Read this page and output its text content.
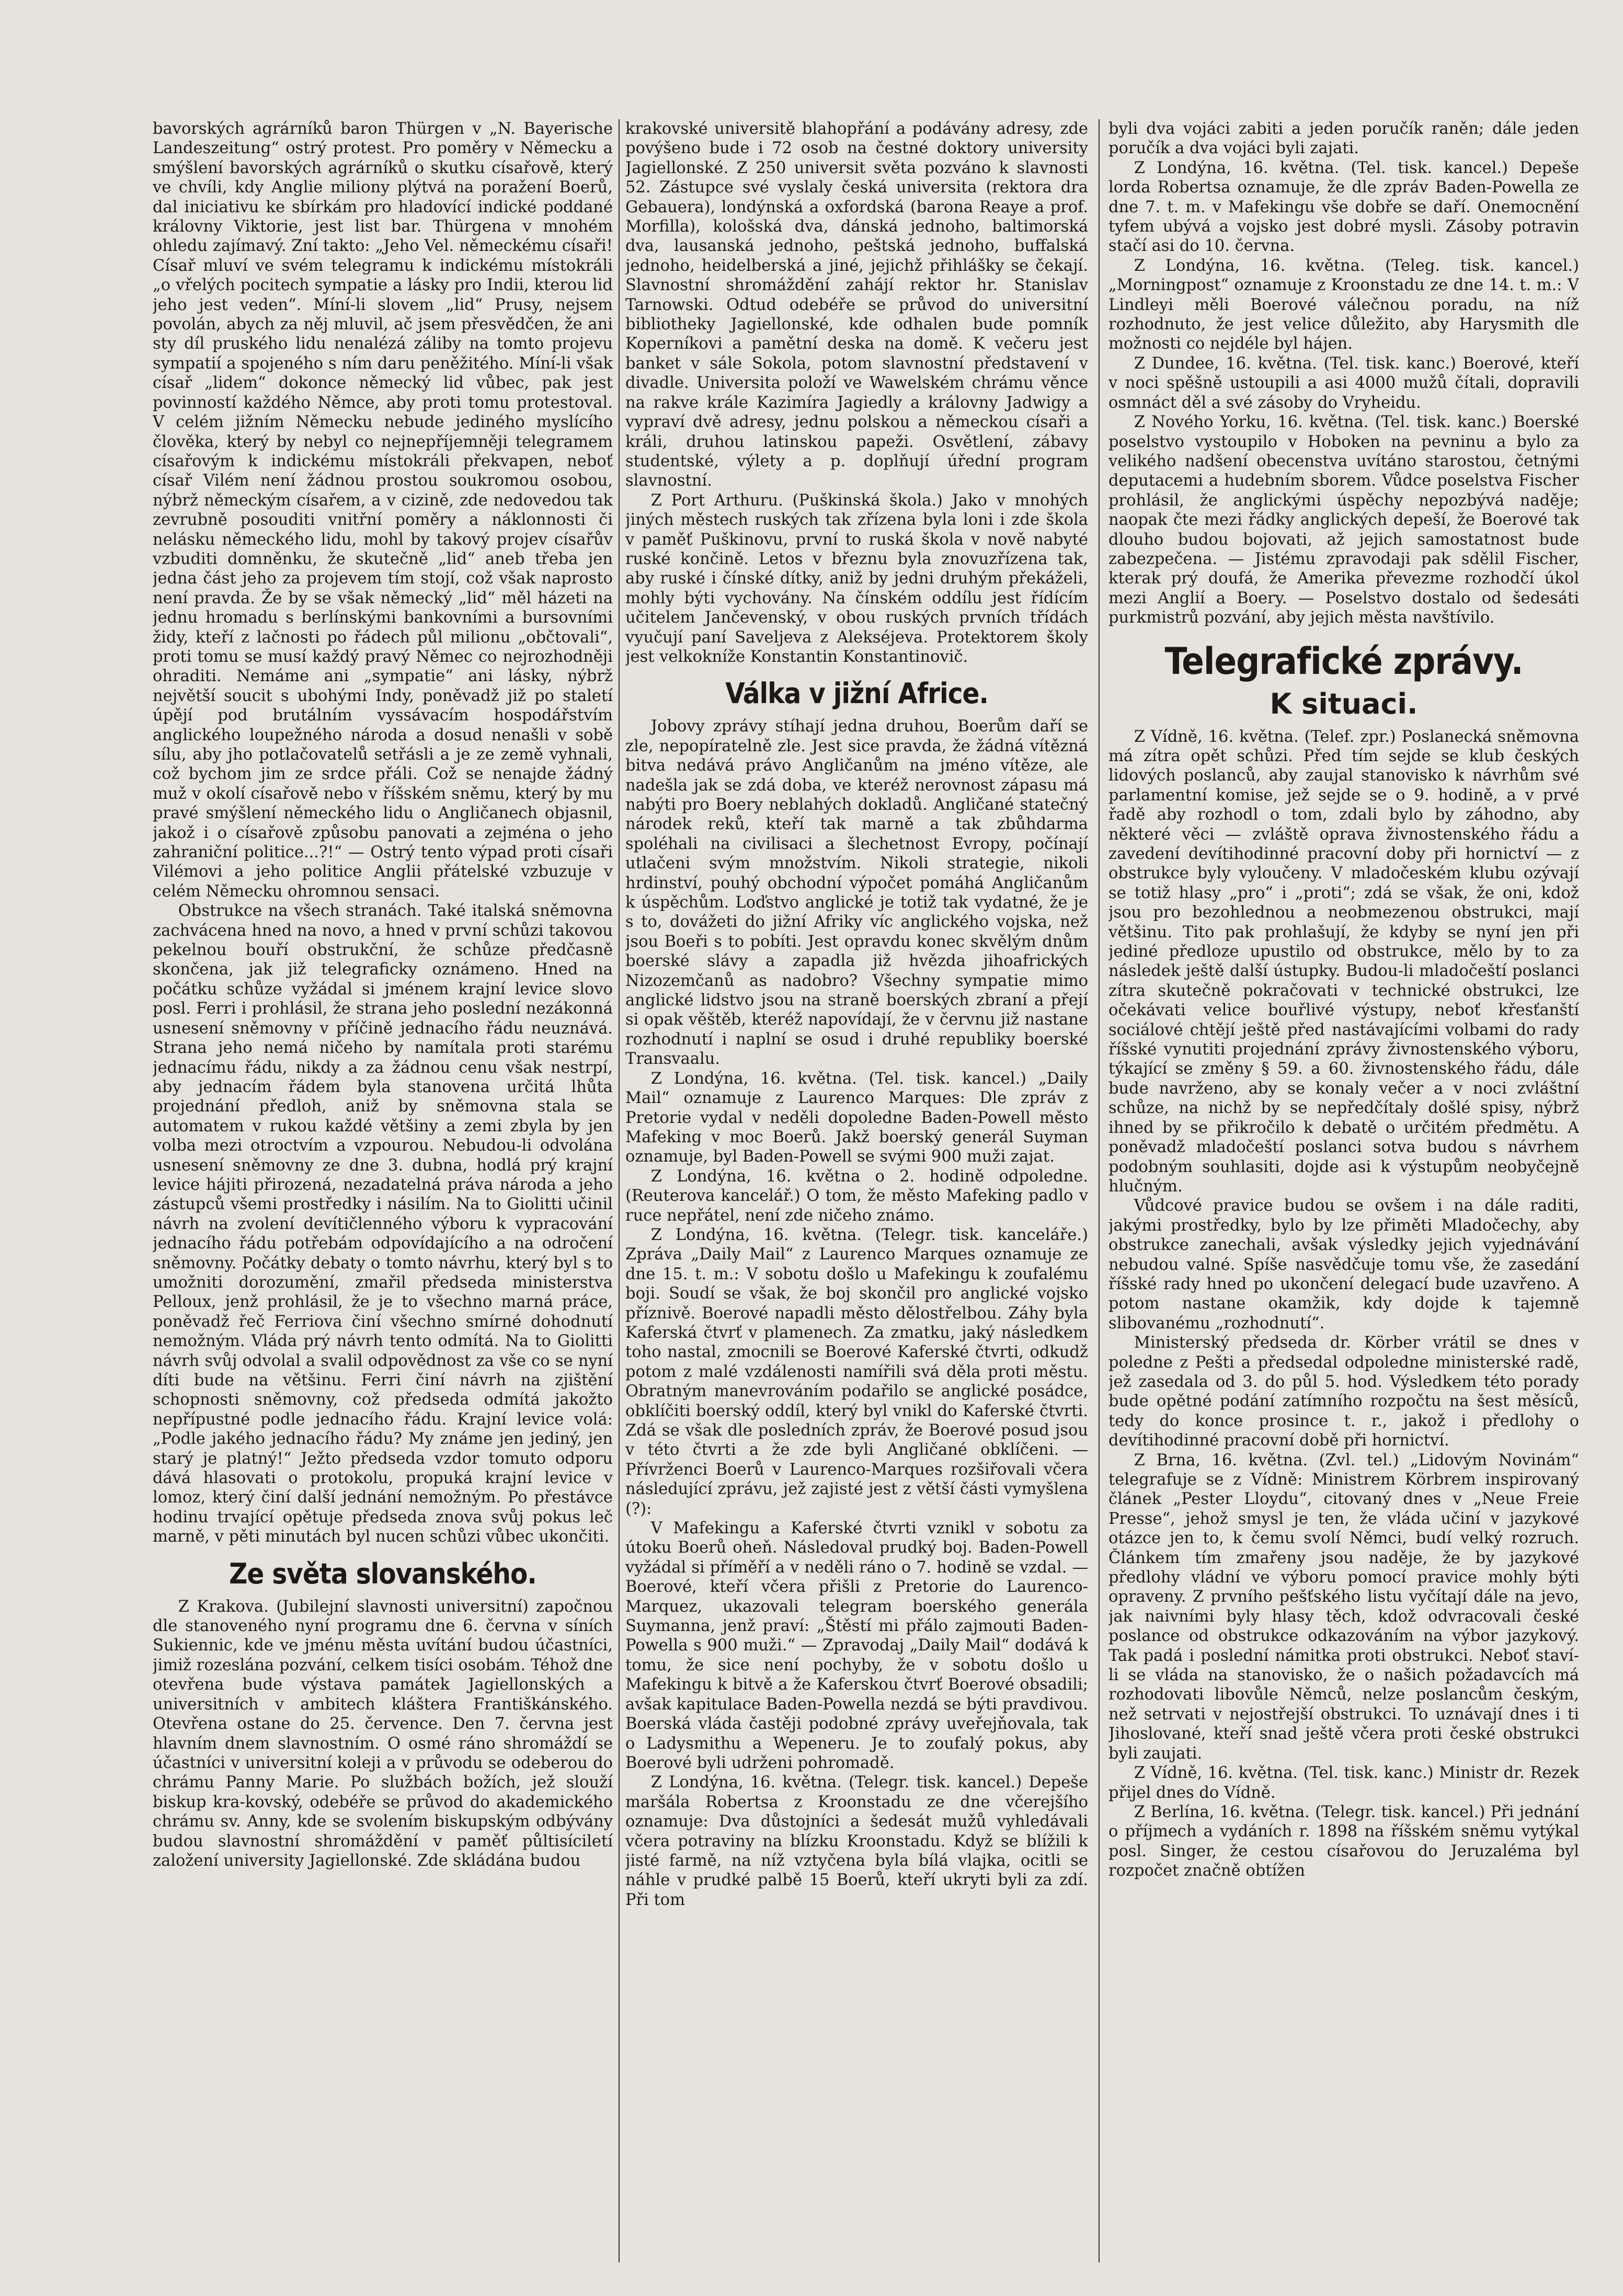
bavorských agrárníků baron Thürgen v „N. Bayerische Landeszeitung“ ostrý protest. Pro poměry v Německu a smýšlení bavorských agrárníků o skutku císařově, který ve chvíli, kdy Anglie miliony plýtvá na poražení Boerů, dal iniciativu ke sbírkám pro hladovící indické poddané královny Viktorie, jest list bar. Thürgena v mnohém ohledu zajímavý. Zní takto: „Jeho Vel. německému císaři! Císař mluví ve svém telegramu k indickému místokráli „o vřelých pocitech sympatie a lásky pro Indii, kterou lid jeho jest veden“. Míní-li slovem „lid“ Prusy, nejsem povolán, abych za něj mluvil, ač jsem přesvědčen, že ani sty díl pruského lidu nenalézá záliby na tomto projevu sympatií a spojeného s ním daru peněžitého. Míní-li však císař „lidem“ dokonce německý lid vůbec, pak jest povinností každého Němce, aby proti tomu protestoval. V celém jižním Německu nebude jediného myslícího člověka, který by nebyl co nejnepříjemněji telegramem císařovým k indickému místokráli překvapen, neboť císař Vilém není žádnou prostou soukromou osobou, nýbrž německým císařem, a v cizině, zde nedovedou tak zevrubně posouditi vnitřní poměry a náklonnosti či nelásku německého lidu, mohl by takový projev císařův vzbuditi domněnku, že skutečně „lid“ aneb třeba jen jedna část jeho za projevem tím stojí, což však naprosto není pravda. Že by se však německý „lid“ měl házeti na jednu hromadu s berlínskými bankovními a bursovními židy, kteří z lačnosti po řádech půl milionu „občtovali“, proti tomu se musí každý pravý Němec co nejrozhodněji ohraditi. Nemáme ani „sympatie“ ani lásky, nýbrž největší soucit s ubohými Indy, poněvadž již po staletí úpějí pod brutálním vyssávacím hospodářstvím anglického loupežného národa a dosud nenašli v sobě sílu, aby jho potlačovatelů setřásli a je ze země vyhnali, což bychom jim ze srdce přáli. Což se nenajde žádný muž v okolí císařově nebo v říšském sněmu, který by mu pravé smýšlení německého lidu o Angličanech objasnil, jakož i o císařově způsobu panovati a zejména o jeho zahraniční politice...?!“ — Ostrý tento výpad proti císaři Vilémovi a jeho politice Anglii přátelské vzbuzuje v celém Německu ohromnou sensaci.

Obstrukce na všech stranách. Také italská sněmovna zachvácena hned na novo, a hned v první schůzi takovou pekelnou bouří obstrukční, že schůze předčasně skončena, jak již telegraficky oznámeno. Hned na počátku schůze vyžádal si jménem krajní levice slovo posl. Ferri i prohlásil, že strana jeho poslední nezákonná usnesení sněmovny v příčině jednacího řádu neuznává. Strana jeho nemá ničeho by namítala proti starému jednacímu řádu, nikdy a za žádnou cenu však nestrpí, aby jednacím řádem byla stanovena určitá lhůta projednání předloh, aniž by sněmovna stala se automatem v rukou každé většiny a zemi zbyla by jen volba mezi otroctvím a vzpourou. Nebudou-li odvolána usnesení sněmovny ze dne 3. dubna, hodlá prý krajní levice hájiti přirozená, nezadatelná práva národa a jeho zástupců všemi prostředky i násilím. Na to Giolitti učinil návrh na zvolení devítičlenného výboru k vypracování jednacího řádu potřebám odpovídajícího a na odročení sněmovny. Počátky debaty o tomto návrhu, který byl s to umožniti dorozumění, zmařil předseda ministerstva Pelloux, jenž prohlásil, že je to všechno marná práce, poněvadž řeč Ferriova činí všechno smírné dohodnutí nemožným. Vláda prý návrh tento odmítá. Na to Giolitti návrh svůj odvolal a svalil odpovědnost za vše co se nyní díti bude na většinu. Ferri činí návrh na zjištění schopnosti sněmovny, což předseda odmítá jakožto nepřípustné podle jednacího řádu. Krajní levice volá: „Podle jakého jednacího řádu? My známe jen jediný, jen starý je platný!“ Ježto předseda vzdor tomuto odporu dává hlasovati o protokolu, propuká krajní levice v lomoz, který činí další jednání nemožným. Po přestávce hodinu trvající opětuje předseda znova svůj pokus leč marně, v pěti minutách byl nucen schůzi vůbec ukončiti.

Ze světa slovanského.

Z Krakova. (Jubilejní slavnosti universitní) započnou dle stanoveného nyní programu dne 6. června v síních Sukiennic, kde ve jménu města uvítání budou účastníci, jimiž rozeslána pozvání, celkem tisíci osobám. Téhož dne otevřena bude výstava památek Jagiellonských a universitních v ambitech kláštera Františkánského. Otevřena ostane do 25. července. Den 7. června jest hlavním dnem slavnostním. O osmé ráno shromáždí se účastníci v universitní koleji a v průvodu se odeberou do chrámu Panny Marie. Po službách božích, jež slouží biskup kra-kovský, odebéře se průvod do akademického chrámu sv. Anny, kde se svolením biskupským odbývány budou slavnostní shromáždění v paměť půltisíciletí založení university Jagiellonské. Zde skládána budou

krakovské universitě blahopřání a podávány adresy, zde povýšeno bude i 72 osob na čestné doktory university Jagiellonské. Z 250 universit světa pozváno k slavnosti 52. Zástupce své vyslaly česká universita (rektora dra Gebauera), londýnská a oxfordská (barona Reaye a prof. Morfilla), kološská dva, dánská jednoho, baltimorská dva, lausanská jednoho, peštská jednoho, buffalská jednoho, heidelberská a jiné, jejichž přihlášky se čekají. Slavnostní shromáždění zahájí rektor hr. Stanislav Tarnowski. Odtud odebéře se průvod do universitní bibliotheky Jagiellonské, kde odhalen bude pomník Koperníkovi a pamětní deska na domě. K večeru jest banket v sále Sokola, potom slavnostní představení v divadle. Universita položí ve Wawelském chrámu věnce na rakve krále Kazimíra Jagiedly a královny Jadwigy a vypraví dvě adresy, jednu polskou a německou císaři a králi, druhou latinskou papeži. Osvětlení, zábavy studentské, výlety a p. doplňují úřední program slavnostní.

Z Port Arthuru. (Puškinská škola.) Jako v mnohých jiných městech ruských tak zřízena byla loni i zde škola v paměť Puškinovu, první to ruská škola v nově nabyté ruské končině. Letos v březnu byla znovuzřízena tak, aby ruské i čínské dítky, aniž by jedni druhým překáželi, mohly býti vychovány. Na čínském oddílu jest řídícím učitelem Jančevenský, v obou ruských prvních třídách vyučují paní Saveljeva z Alekséjeva. Protektorem školy jest velkokníže Konstantin Konstantinovič.

Válka v jižní Africe.

Jobovy zprávy stíhají jedna druhou, Boerům daří se zle, nepopíratelně zle. Jest sice pravda, že žádná vítězná bitva nedává právo Angličanům na jméno vítěze, ale nadešla jak se zdá doba, ve kteréž nerovnost zápasu má nabýti pro Boery neblahých dokladů. Angličané statečný národek reků, kteří tak marně a tak zbůhdarma spoléhali na civilisaci a šlechetnost Evropy, počínají utlačeni svým množstvím. Nikoli strategie, nikoli hrdinství, pouhý obchodní výpočet pomáhá Angličanům k úspěchům. Loďstvo anglické je totiž tak vydatné, že je s to, dovážeti do jižní Afriky víc anglického vojska, než jsou Boeři s to pobíti. Jest opravdu konec skvělým dnům boerské slávy a zapadla již hvězda jihoafrických Nizozemčanů as nadobro? Všechny sympatie mimo anglické lidstvo jsou na straně boerských zbraní a přejí si opak věštěb, kteréž napovídají, že v červnu již nastane rozhodnutí i naplní se osud i druhé republiky boerské Transvaalu.

Z Londýna, 16. května. (Tel. tisk. kancel.) „Daily Mail“ oznamuje z Laurenco Marques: Dle zpráv z Pretorie vydal v neděli dopoledne Baden-Powell město Mafeking v moc Boerů. Jakž boerský generál Suyman oznamuje, byl Baden-Powell se svými 900 muži zajat.

Z Londýna, 16. května o 2. hodině odpoledne. (Reuterova kancelář.) O tom, že město Mafeking padlo v ruce nepřátel, není zde ničeho známo.

Z Londýna, 16. května. (Telegr. tisk. kanceláře.) Zpráva „Daily Mail“ z Laurenco Marques oznamuje ze dne 15. t. m.: V sobotu došlo u Mafekingu k zoufalému boji. Soudí se však, že boj skončil pro anglické vojsko příznivě. Boerové napadli město dělostřelbou. Záhy byla Kaferská čtvrť v plamenech. Za zmatku, jaký následkem toho nastal, zmocnili se Boerové Kaferské čtvrti, odkudž potom z malé vzdálenosti namířili svá děla proti městu. Obratným manevrováním podařilo se anglické posádce, obklíčiti boerský oddíl, který byl vnikl do Kaferské čtvrti. Zdá se však dle posledních zpráv, že Boerové posud jsou v této čtvrti a že zde byli Angličané obklíčeni. — Přívrženci Boerů v Laurenco-Marques rozšiřovali včera následující zprávu, jež zajisté jest z větší části vymyšlena (?):

V Mafekingu a Kaferské čtvrti vznikl v sobotu za útoku Boerů oheň. Následoval prudký boj. Baden-Powell vyžádal si příměří a v neděli ráno o 7. hodině se vzdal. — Boerové, kteří včera přišli z Pretorie do Laurenco-Marquez, ukazovali telegram boerského generála Suymanna, jenž praví: „Štěstí mi přálo zajmouti Baden-Powella s 900 muži.“ — Zpravodaj „Daily Mail“ dodává k tomu, že sice není pochyby, že v sobotu došlo u Mafekingu k bitvě a že Kaferskou čtvrť Boerové obsadili; avšak kapitulace Baden-Powella nezdá se býti pravdivou. Boerská vláda častěji podobné zprávy uveřejňovala, tak o Ladysmithu a Wepeneru. Je to zoufalý pokus, aby Boerové byli udrženi pohromadě.

Z Londýna, 16. května. (Telegr. tisk. kancel.) Depeše maršála Robertsa z Kroonstadu ze dne včerejšího oznamuje: Dva důstojníci a šedesát mužů vyhledávali včera potraviny na blízku Kroonstadu. Když se blížili k jisté farmě, na níž vztyčena byla bílá vlajka, ocitli se náhle v prudké palbě 15 Boerů, kteří ukryti byli za zdí. Při tom

byli dva vojáci zabiti a jeden poručík raněn; dále jeden poručík a dva vojáci byli zajati.

Z Londýna, 16. května. (Tel. tisk. kancel.) Depeše lorda Robertsa oznamuje, že dle zpráv Baden-Powella ze dne 7. t. m. v Mafekingu vše dobře se daří. Onemocnění tyfem ubývá a vojsko jest dobré mysli. Zásoby potravin stačí asi do 10. června.

Z Londýna, 16. května. (Teleg. tisk. kancel.) „Morningpost“ oznamuje z Kroonstadu ze dne 14. t. m.: V Lindleyi měli Boerové válečnou poradu, na níž rozhodnuto, že jest velice důležito, aby Harysmith dle možnosti co nejdéle byl hájen.

Z Dundee, 16. května. (Tel. tisk. kanc.) Boerové, kteří v noci spěšně ustoupili a asi 4000 mužů čítali, dopravili osmnáct děl a své zásoby do Vryheidu.

Z Nového Yorku, 16. května. (Tel. tisk. kanc.) Boerské poselstvo vystoupilo v Hoboken na pevninu a bylo za velikého nadšení obecenstva uvítáno starostou, četnými deputacemi a hudebním sborem. Vůdce poselstva Fischer prohlásil, že anglickými úspěchy nepozbývá naděje; naopak čte mezi řádky anglických depeší, že Boerové tak dlouho budou bojovati, až jejich samostatnost bude zabezpečena. — Jistému zpravodaji pak sdělil Fischer, kterak prý doufá, že Amerika převezme rozhodčí úkol mezi Anglií a Boery. — Poselstvo dostalo od šedesáti purkmistrů pozvání, aby jejich města navštívilo.

Telegrafické zprávy.
K situaci.

Z Vídně, 16. května. (Telef. zpr.) Poslanecká sněmovna má zítra opět schůzi. Před tím sejde se klub českých lidových poslanců, aby zaujal stanovisko k návrhům své parlamentní komise, jež sejde se o 9. hodině, a v prvé řadě aby rozhodl o tom, zdali bylo by záhodno, aby některé věci — zvláště oprava živnostenského řádu a zavedení devítihodinné pracovní doby při hornictví — z obstrukce byly vyloučeny. V mladočeském klubu ozývají se totiž hlasy „pro“ i „proti“; zdá se však, že oni, kdož jsou pro bezohlednou a neobmezenou obstrukci, mají většinu. Tito pak prohlašují, že kdyby se nyní jen při jediné předloze upustilo od obstrukce, mělo by to za následek ještě další ústupky. Budou-li mladočeští poslanci zítra skutečně pokračovati v technické obstrukci, lze očekávati velice bouřlivé výstupy, neboť křesťanští sociálové chtějí ještě před nastávajícími volbami do rady říšské vynutiti projednání zprávy živnostenského výboru, týkající se změny § 59. a 60. živnostenského řádu, dále bude navrženo, aby se konaly večer a v noci zvláštní schůze, na nichž by se nepředčítaly došlé spisy, nýbrž ihned by se přikročilo k debatě o určitém předmětu. A poněvadž mladočeští poslanci sotva budou s návrhem podobným souhlasiti, dojde asi k výstupům neobyčejně hlučným.

Vůdcové pravice budou se ovšem i na dále raditi, jakými prostředky, bylo by lze přiměti Mladočechy, aby obstrukce zanechali, avšak výsledky jejich vyjednávání nebudou valné. Spíše nasvědčuje tomu vše, že zasedání říšské rady hned po ukončení delegací bude uzavřeno. A potom nastane okamžik, kdy dojde k tajemně slibovanému „rozhodnutí“.

Ministerský předseda dr. Körber vrátil se dnes v poledne z Pešti a předsedal odpoledne ministerské radě, jež zasedala od 3. do půl 5. hod. Výsledkem této porady bude opětné podání zatímního rozpočtu na šest měsíců, tedy do konce prosince t. r., jakož i předlohy o devítihodinné pracovní době při hornictví.

Z Brna, 16. května. (Zvl. tel.) „Lidovým Novinám“ telegrafuje se z Vídně: Ministrem Körbrem inspirovaný článek „Pester Lloydu“, citovaný dnes v „Neue Freie Presse“, jehož smysl je ten, že vláda učiní v jazykové otázce jen to, k čemu svolí Němci, budí velký rozruch. Článkem tím zmařeny jsou naděje, že by jazykové předlohy vládní ve výboru pomocí pravice mohly býti opraveny. Z prvního pešťského listu vyčítají dále na jevo, jak naivními byly hlasy těch, kdož odvracovali české poslance od obstrukce odkazováním na výbor jazykový. Tak padá i poslední námitka proti obstrukci. Neboť staví-li se vláda na stanovisko, že o našich požadavcích má rozhodovati libovůle Němců, nelze poslancům českým, než setrvati v nejostřejší obstrukci. To uznávají dnes i ti Jihoslované, kteří snad ještě včera proti české obstrukci byli zaujati.

Z Vídně, 16. května. (Tel. tisk. kanc.) Ministr dr. Rezek přijel dnes do Vídně.

Z Berlína, 16. května. (Telegr. tisk. kancel.) Při jednání o příjmech a vydáních r. 1898 na říšském sněmu vytýkal posl. Singer, že cestou císařovou do Jeruzaléma byl rozpočet značně obtížen
